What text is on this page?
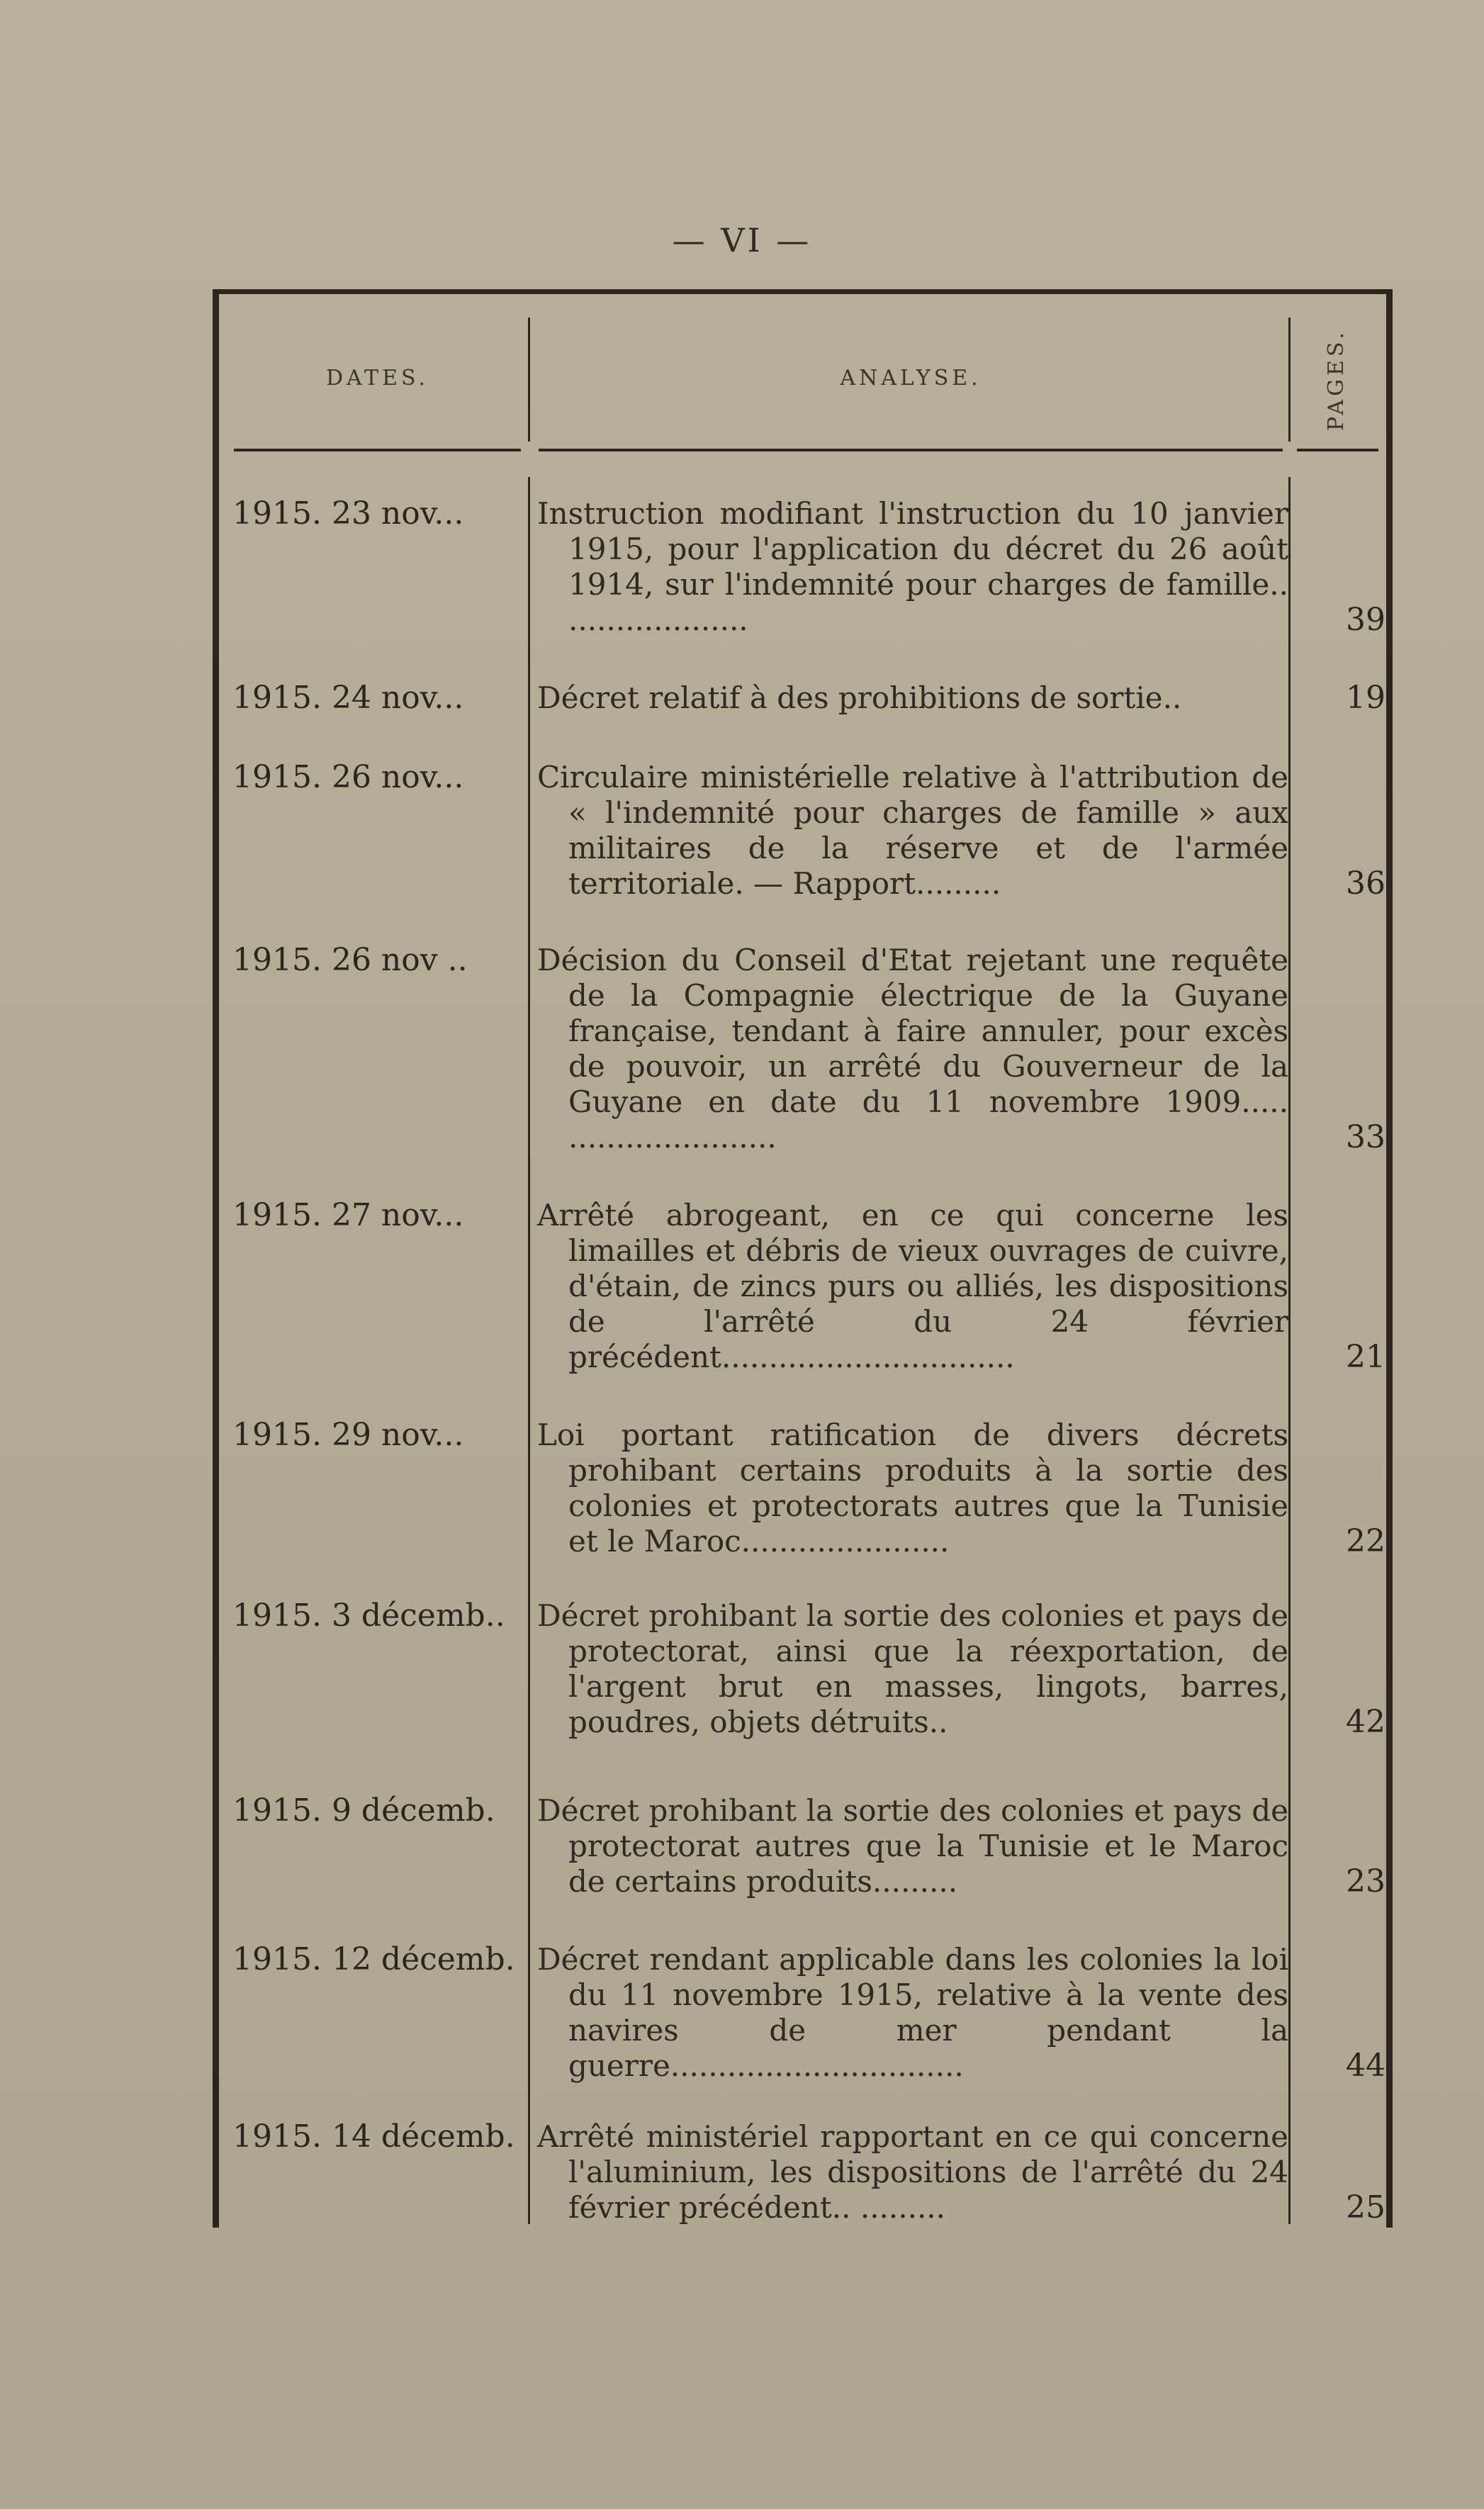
— VI —
DATES.	ANALYSE.	PAGES.
1915. 23 nov...	Instruction modifiant l'instruction du 10 janvier 1915, pour l'application du décret du 26 août 1914, sur l'indemnité pour charges de famille.. ...................	39
1915. 24 nov...	Décret relatif à des prohibitions de sortie..	19
1915. 26 nov...	Circulaire ministérielle relative à l'attribution de « l'indemnité pour charges de famille » aux militaires de la réserve et de l'armée territoriale. — Rapport.........	36
1915. 26 nov ..	Décision du Conseil d'Etat rejetant une requête de la Compagnie électrique de la Guyane française, tendant à faire annuler, pour excès de pouvoir, un arrêté du Gouverneur de la Guyane en date du 11 novembre 1909..... ......................	33
1915. 27 nov...	Arrêté abrogeant, en ce qui concerne les limailles et débris de vieux ouvrages de cuivre, d'étain, de zincs purs ou alliés, les dispositions de l'arrêté du 24 février précédent...............................	21
1915. 29 nov...	Loi portant ratification de divers décrets prohibant certains produits à la sortie des colonies et protectorats autres que la Tunisie et le Maroc......................	22
1915. 3 décemb..	Décret prohibant la sortie des colonies et pays de protectorat, ainsi que la réexportation, de l'argent brut en masses, lingots, barres, poudres, objets détruits..	42
1915. 9 décemb.	Décret prohibant la sortie des colonies et pays de protectorat autres que la Tunisie et le Maroc de certains produits.........	23
1915. 12 décemb. Décret rendant applicable dans les colonies la loi du 11 novembre 1915, relative à la vente des navires de mer pendant la guerre...............................	44
1915. 14 décemb. Arrêté ministériel rapportant en ce qui concerne l'aluminium, les dispositions de l'arrêté du 24 février précédent.. .........	25
